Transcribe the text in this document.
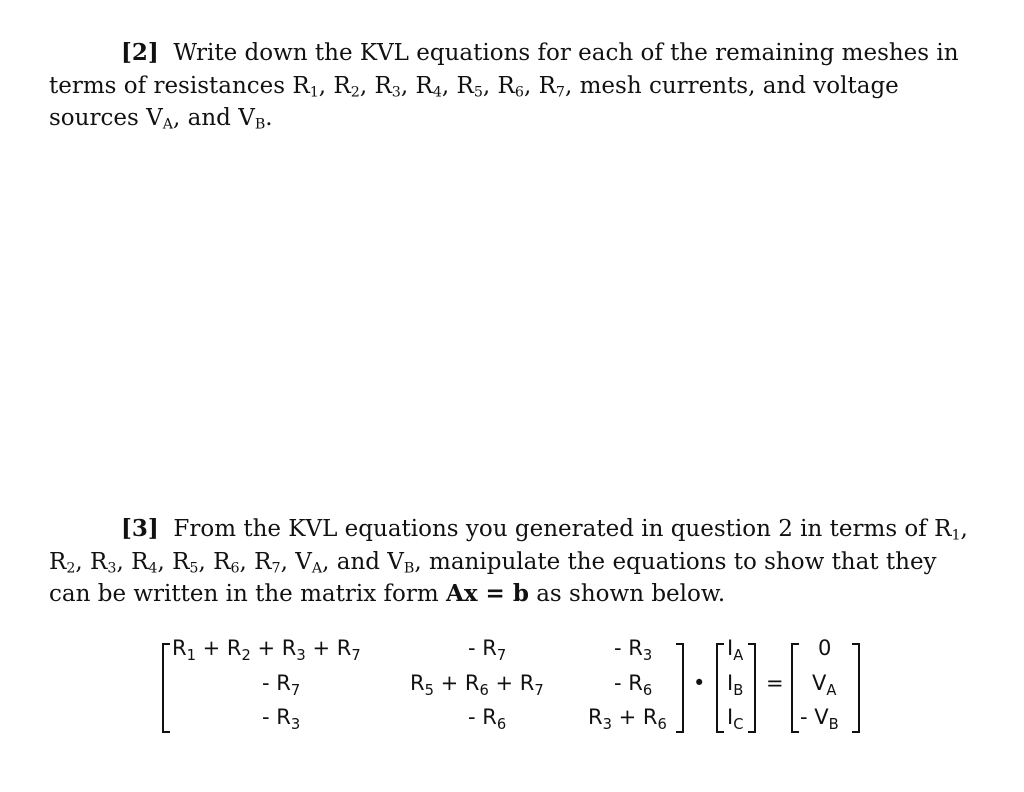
[2] Write down the KVL equations for each of the remaining meshes in terms of resistances $R_1$, $R_2$, $R_3$, $R_4$, $R_5$, $R_6$, $R_7$, mesh currents, and voltage sources $V_A$, and $V_B$.
[3] From the KVL equations you generated in question 2 in terms of $R_1$, $R_2$, $R_3$, $R_4$, $R_5$, $R_6$, $R_7$, $V_A$, and $V_B$, manipulate the equations to show that they can be written in the matrix form Ax = b as shown below.
$R_1 + R_2 + R_3 + R_7$	- $R_7$	- $R_3$
- $R_7$	$R_5 + R_6 + R_7$	- $R_6$
- $R_3$	- $R_6$	$R_3 + R_6$
•
$I_A$
$I_B$
$I_C$
=
0
$V_A$
- $V_B$
